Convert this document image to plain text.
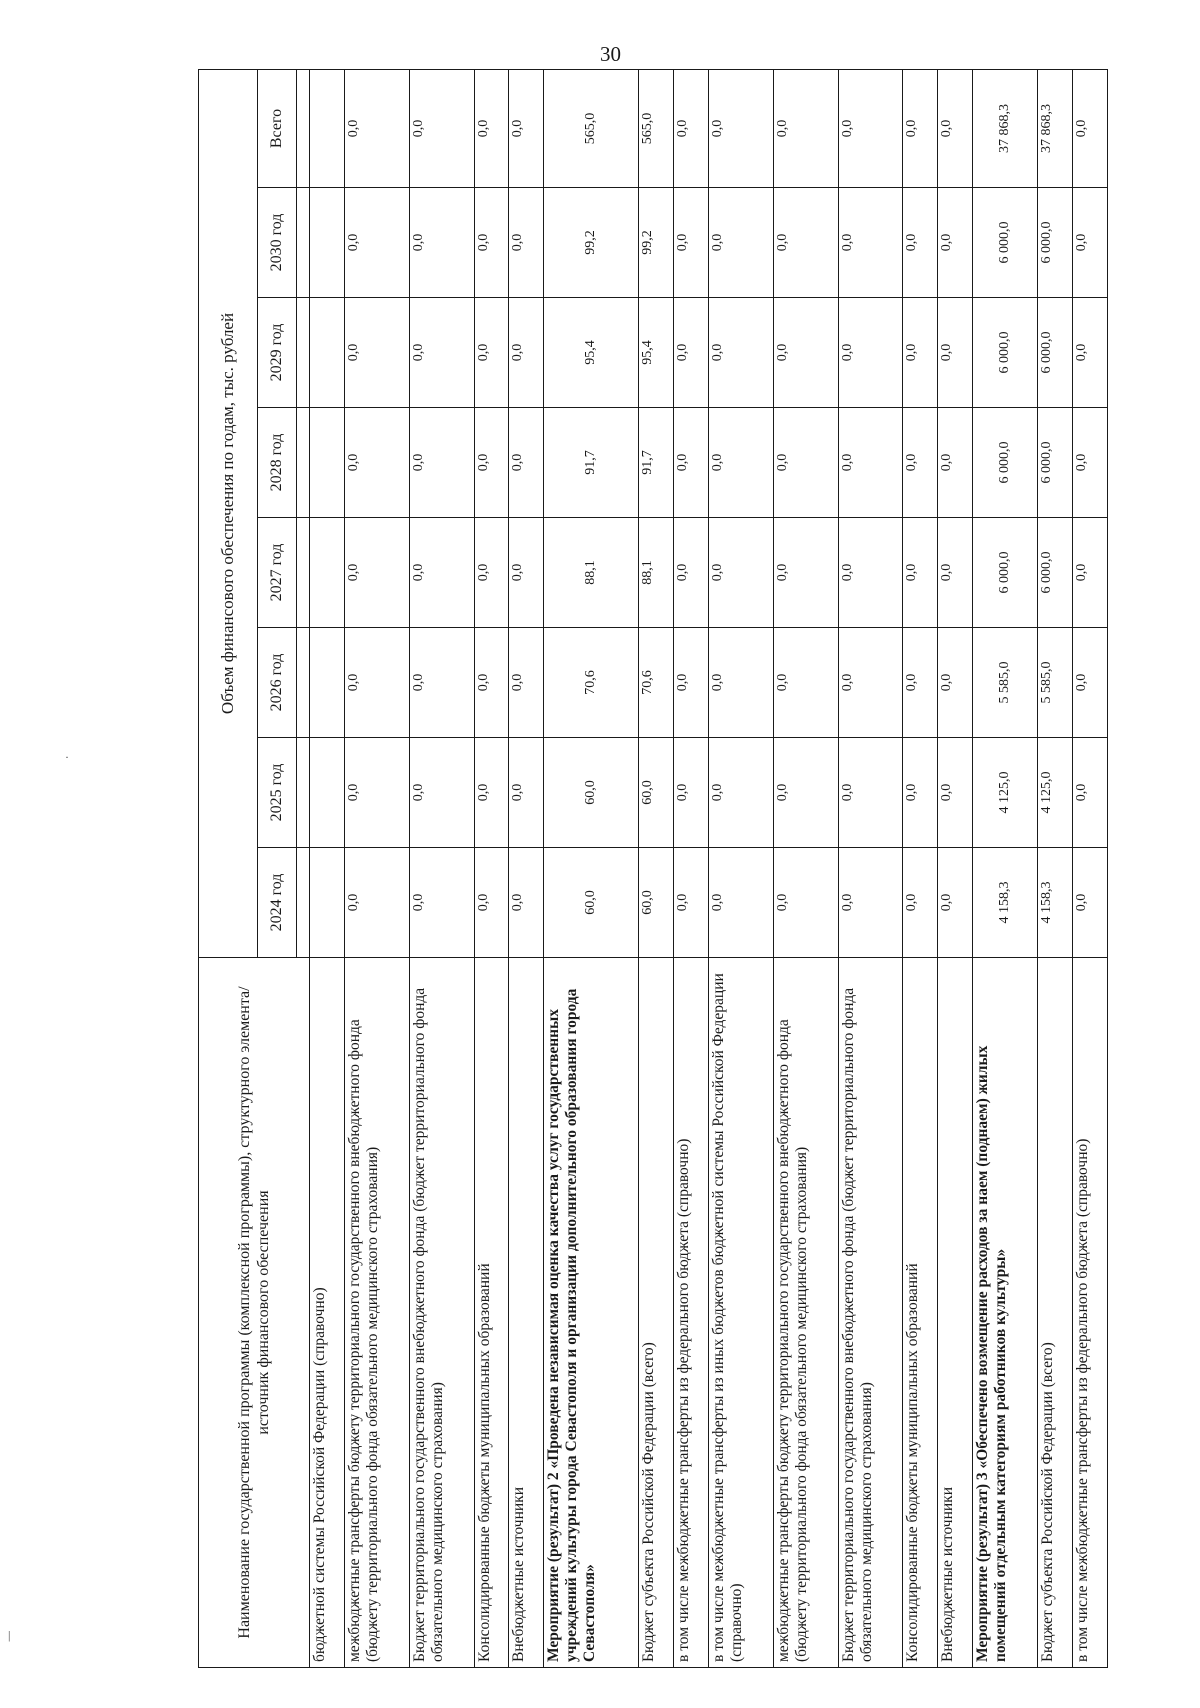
30
·
|	Наименование государственной программы (комплексной программы), структурного элемента/источник финансового обеспечения	Объем финансового обеспечения по годам, тыс. рублей							
	2024 год	2025 год	2026 год	2027 год	2028 год	2029 год	2030 год	Всего

бюджетной системы Российской Федерации (справочно)								
межбюджетные трансферты бюджету территориального государственного внебюджетного фонда (бюджету территориального фонда обязательного медицинского страхования)	0,0	0,0	0,0	0,0	0,0	0,0	0,0	0,0
Бюджет территориального государственного внебюджетного фонда (бюджет территориального фонда обязательного медицинского страхования)	0,0	0,0	0,0	0,0	0,0	0,0	0,0	0,0
Консолидированные бюджеты муниципальных образований	0,0	0,0	0,0	0,0	0,0	0,0	0,0	0,0
Внебюджетные источники	0,0	0,0	0,0	0,0	0,0	0,0	0,0	0,0
Мероприятие (результат) 2 «Проведена независимая оценка качества услуг государственных учреждений культуры города Севастополя и организации дополнительного образования города Севастополя»	60,0	60,0	70,6	88,1	91,7	95,4	99,2	565,0
Бюджет субъекта Российской Федерации (всего)	60,0	60,0	70,6	88,1	91,7	95,4	99,2	565,0
в том числе межбюджетные трансферты из федерального бюджета (справочно)	0,0	0,0	0,0	0,0	0,0	0,0	0,0	0,0
в том числе межбюджетные трансферты из иных бюджетов бюджетной системы Российской Федерации (справочно)	0,0	0,0	0,0	0,0	0,0	0,0	0,0	0,0
межбюджетные трансферты бюджету территориального государственного внебюджетного фонда (бюджету территориального фонда обязательного медицинского страхования)	0,0	0,0	0,0	0,0	0,0	0,0	0,0	0,0
Бюджет территориального государственного внебюджетного фонда (бюджет территориального фонда обязательного медицинского страхования)	0,0	0,0	0,0	0,0	0,0	0,0	0,0	0,0
Консолидированные бюджеты муниципальных образований	0,0	0,0	0,0	0,0	0,0	0,0	0,0	0,0
Внебюджетные источники	0,0	0,0	0,0	0,0	0,0	0,0	0,0	0,0
Мероприятие (результат) 3 «Обеспечено возмещение расходов за наем (поднаем) жилых помещений отдельным категориям работников культуры»	4 158,3	4 125,0	5 585,0	6 000,0	6 000,0	6 000,0	6 000,0	37 868,3
Бюджет субъекта Российской Федерации (всего)	4 158,3	4 125,0	5 585,0	6 000,0	6 000,0	6 000,0	6 000,0	37 868,3
в том числе межбюджетные трансферты из федерального бюджета (справочно)	0,0	0,0	0,0	0,0	0,0	0,0	0,0	0,0
